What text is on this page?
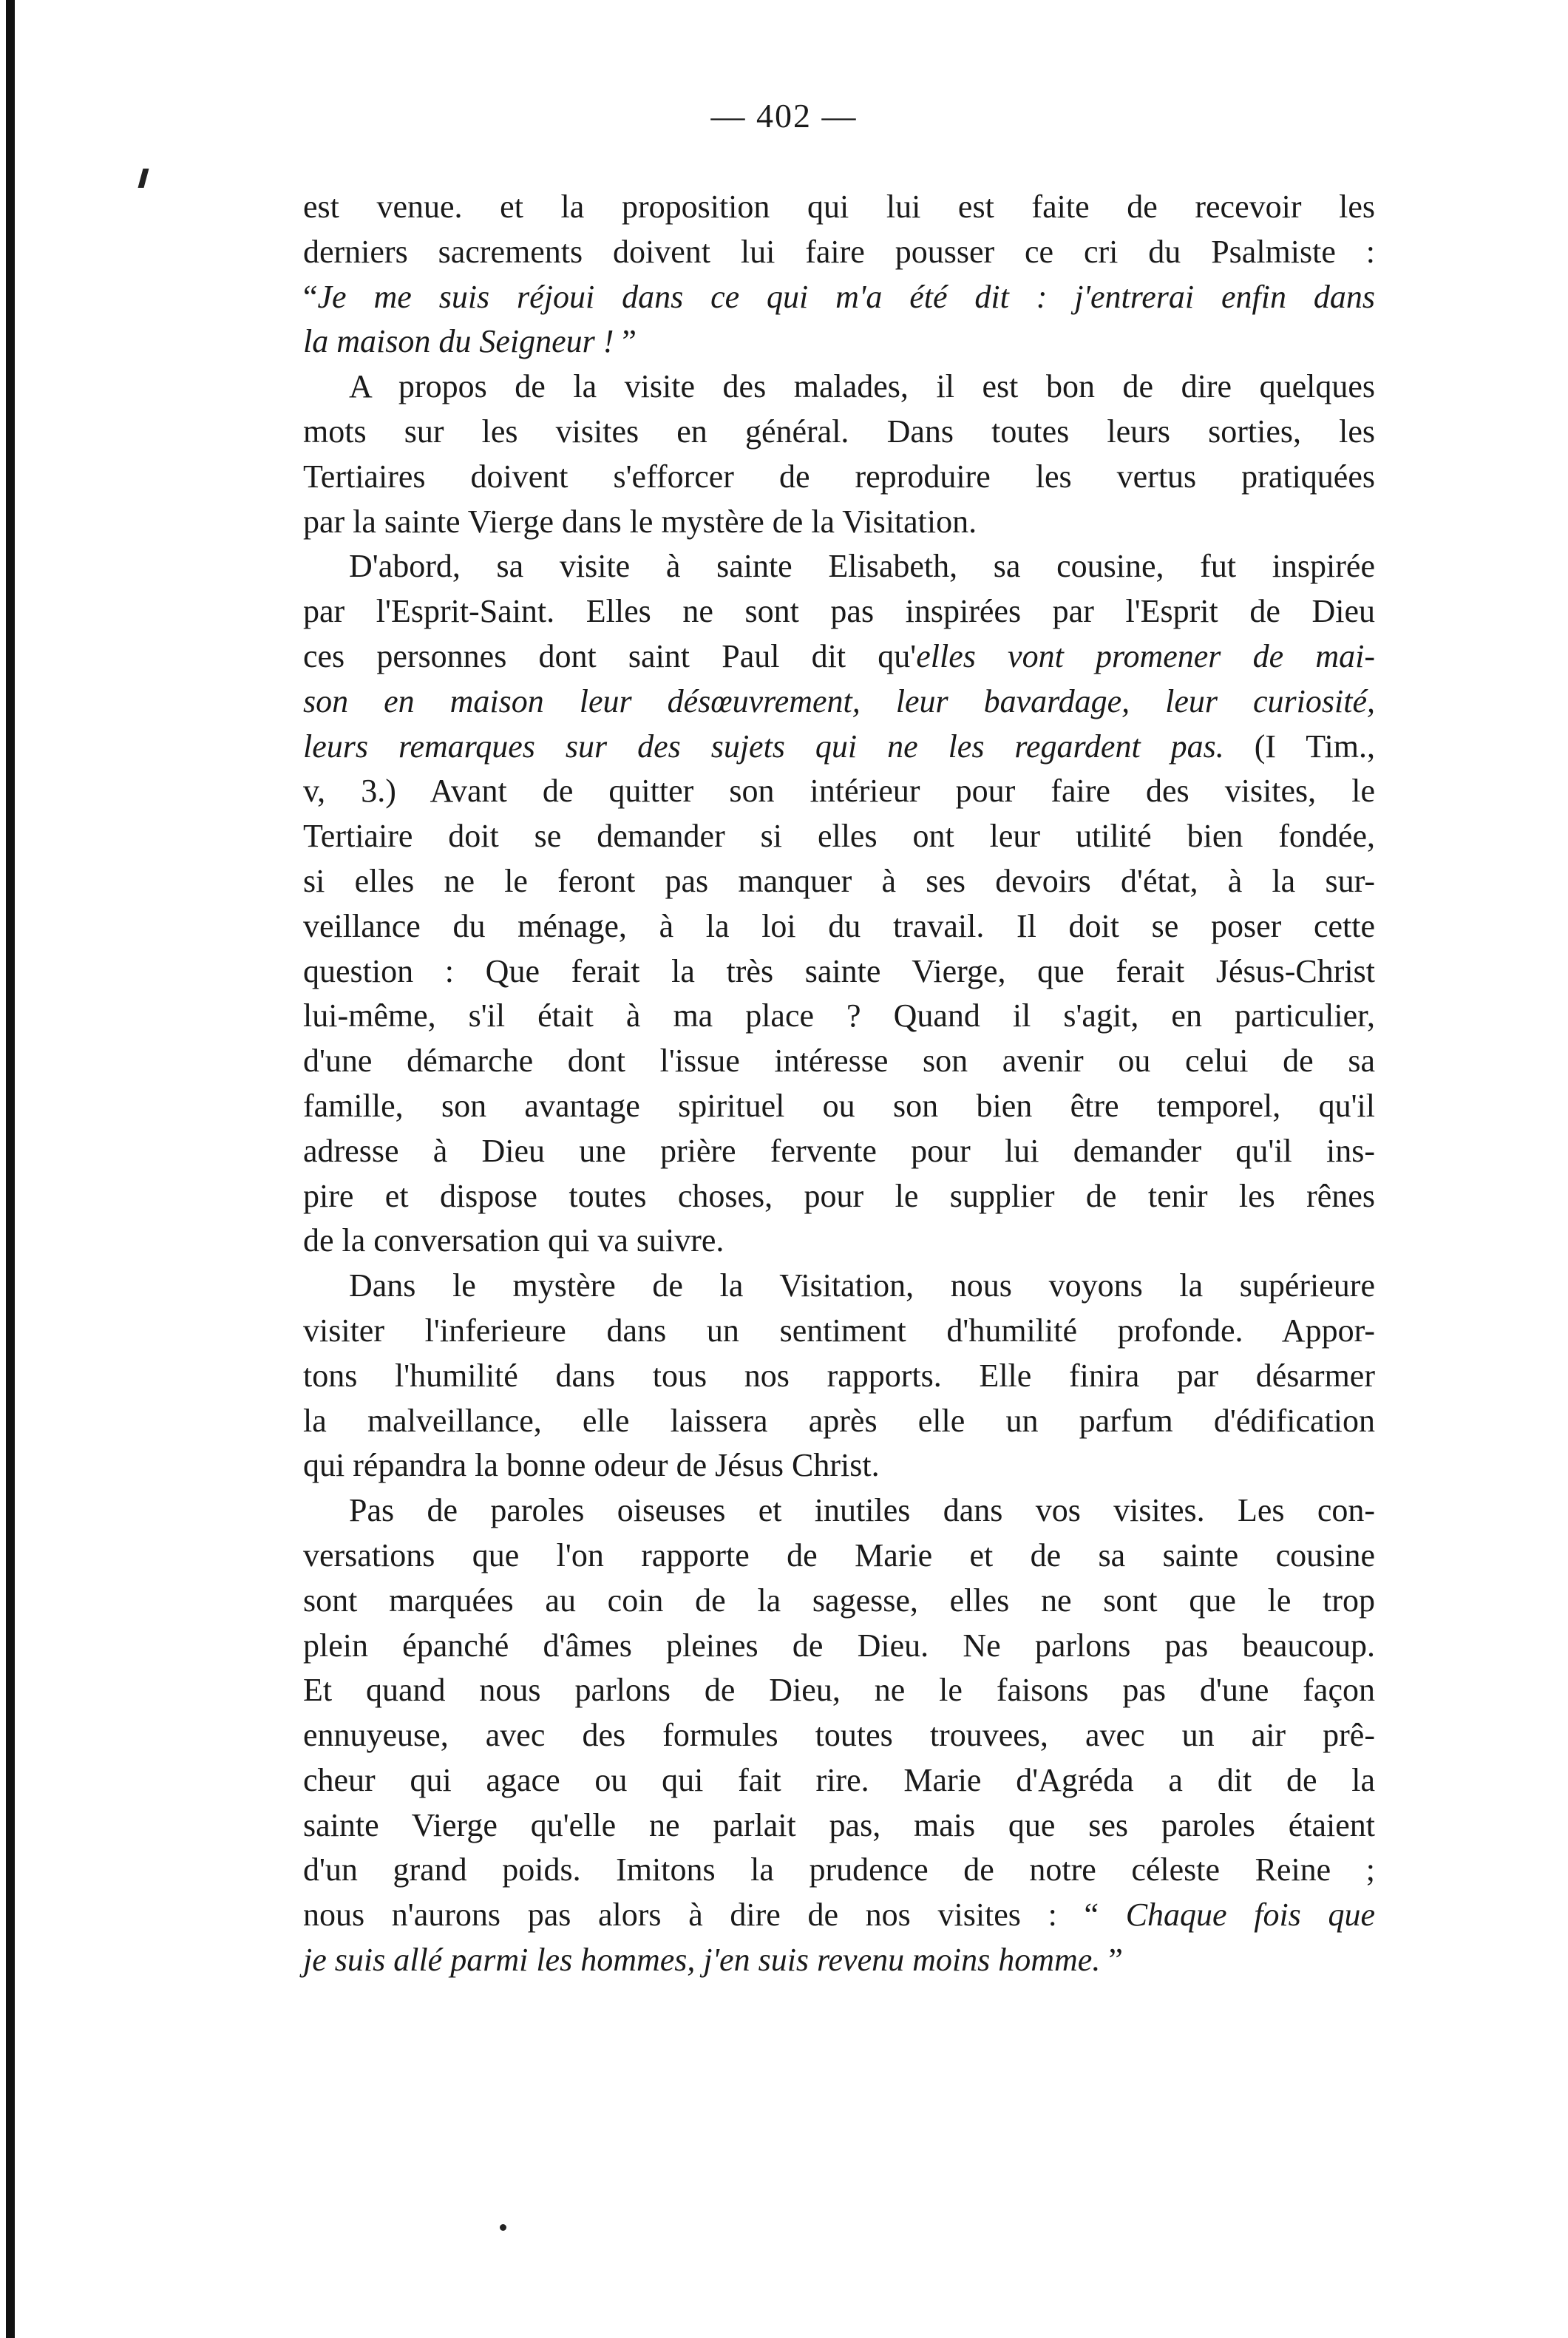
— 402 —

est venue. et la proposition qui lui est faite de recevoir les
derniers sacrements doivent lui faire pousser ce cri du Psalmiste :
“Je me suis réjoui dans ce qui m'a été dit : j'entrerai enfin dans
la maison du Seigneur ! ”

A propos de la visite des malades, il est bon de dire quelques
mots sur les visites en général. Dans toutes leurs sorties, les
Tertiaires doivent s'efforcer de reproduire les vertus pratiquées
par la sainte Vierge dans le mystère de la Visitation.

D'abord, sa visite à sainte Elisabeth, sa cousine, fut inspirée
par l'Esprit-Saint. Elles ne sont pas inspirées par l'Esprit de Dieu
ces personnes dont saint Paul dit qu'elles vont promener de mai-
son en maison leur désœuvrement, leur bavardage, leur curiosité,
leurs remarques sur des sujets qui ne les regardent pas. (I Tim.,
v, 3.) Avant de quitter son intérieur pour faire des visites, le
Tertiaire doit se demander si elles ont leur utilité bien fondée,
si elles ne le feront pas manquer à ses devoirs d'état, à la sur-
veillance du ménage, à la loi du travail. Il doit se poser cette
question : Que ferait la très sainte Vierge, que ferait Jésus-Christ
lui-même, s'il était à ma place ? Quand il s'agit, en particulier,
d'une démarche dont l'issue intéresse son avenir ou celui de sa
famille, son avantage spirituel ou son bien être temporel, qu'il
adresse à Dieu une prière fervente pour lui demander qu'il ins-
pire et dispose toutes choses, pour le supplier de tenir les rênes
de la conversation qui va suivre.

Dans le mystère de la Visitation, nous voyons la supérieure
visiter l'inferieure dans un sentiment d'humilité profonde. Appor-
tons l'humilité dans tous nos rapports. Elle finira par désarmer
la malveillance, elle laissera après elle un parfum d'édification
qui répandra la bonne odeur de Jésus Christ.

Pas de paroles oiseuses et inutiles dans vos visites. Les con-
versations que l'on rapporte de Marie et de sa sainte cousine
sont marquées au coin de la sagesse, elles ne sont que le trop
plein épanché d'âmes pleines de Dieu. Ne parlons pas beaucoup.
Et quand nous parlons de Dieu, ne le faisons pas d'une façon
ennuyeuse, avec des formules toutes trouvees, avec un air prê-
cheur qui agace ou qui fait rire. Marie d'Agréda a dit de la
sainte Vierge qu'elle ne parlait pas, mais que ses paroles étaient
d'un grand poids. Imitons la prudence de notre céleste Reine ;
nous n'aurons pas alors à dire de nos visites : “ Chaque fois que
je suis allé parmi les hommes, j'en suis revenu moins homme. ”
